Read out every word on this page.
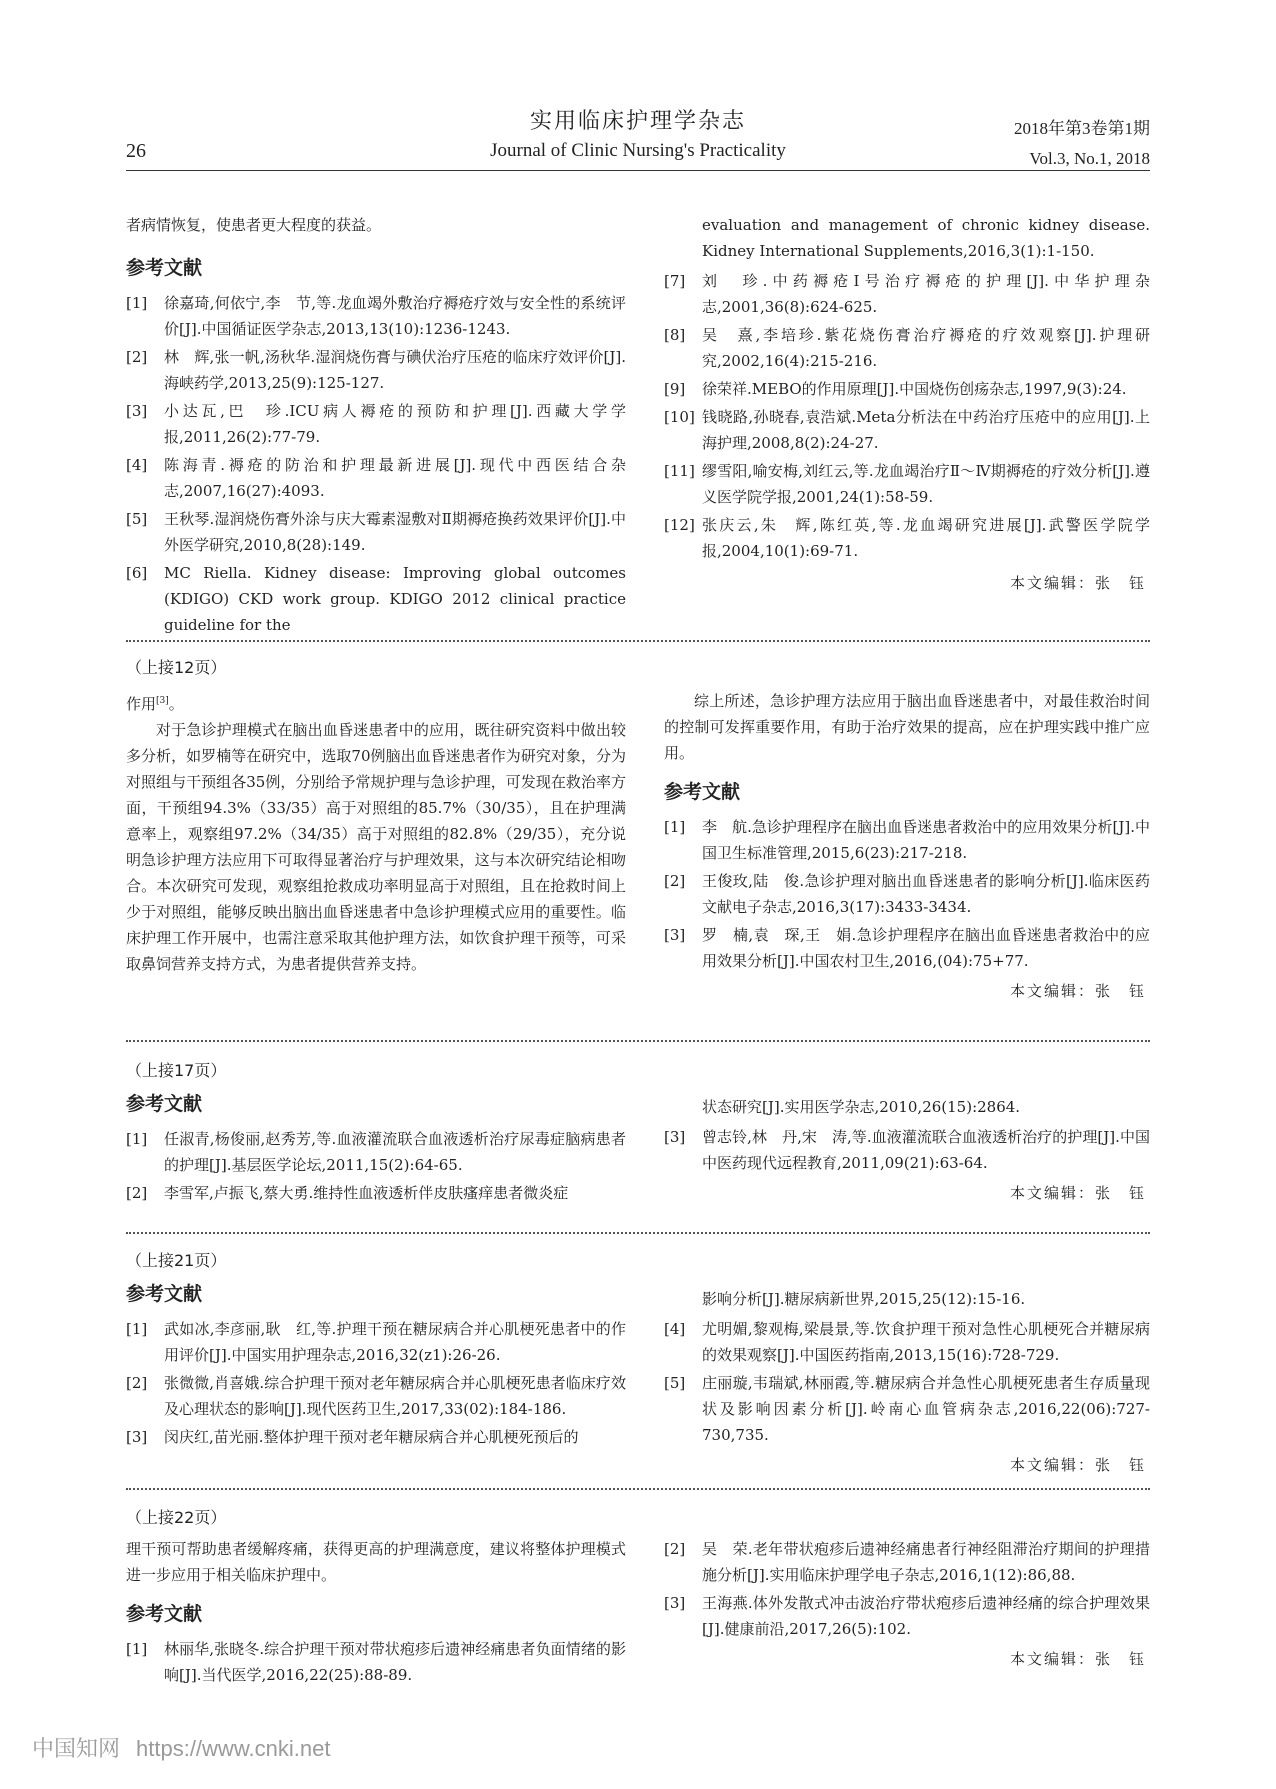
实用临床护理学杂志
Journal of Clinic Nursing's Practicality
26
2018年第3卷第1期
Vol.3, No.1, 2018

者病情恢复，使患者更大程度的获益。

参考文献
[1]	徐嘉琦,何依宁,李　节,等.龙血竭外敷治疗褥疮疗效与安全性的系统评价[J].中国循证医学杂志,2013,13(10):1236-1243.
[2]	林　辉,张一帆,汤秋华.湿润烧伤膏与碘伏治疗压疮的临床疗效评价[J].海峡药学,2013,25(9):125-127.
[3]	小达瓦,巴　珍.ICU病人褥疮的预防和护理[J].西藏大学学报,2011,26(2):77-79.
[4]	陈海青.褥疮的防治和护理最新进展[J].现代中西医结合杂志,2007,16(27):4093.
[5]	王秋琴.湿润烧伤膏外涂与庆大霉素湿敷对Ⅱ期褥疮换药效果评价[J].中外医学研究,2010,8(28):149.
[6]	MC Riella. Kidney disease: Improving global outcomes (KDIGO) CKD work group. KDIGO 2012 clinical practice guideline for the

evaluation and management of chronic kidney disease. Kidney International Supplements,2016,3(1):1-150.

[7]	刘　珍.中药褥疮Ⅰ号治疗褥疮的护理[J].中华护理杂志,2001,36(8):624-625.
[8]	吴　熹,李培珍.紫花烧伤膏治疗褥疮的疗效观察[J].护理研究,2002,16(4):215-216.
[9]	徐荣祥.MEBO的作用原理[J].中国烧伤创疡杂志,1997,9(3):24.
[10] 钱晓路,孙晓春,袁浩斌.Meta分析法在中药治疗压疮中的应用[J].上海护理,2008,8(2):24-27.
[11] 缪雪阳,喻安梅,刘红云,等.龙血竭治疗Ⅱ～Ⅳ期褥疮的疗效分析[J].遵义医学院学报,2001,24(1):58-59.
[12] 张庆云,朱　辉,陈红英,等.龙血竭研究进展[J].武警医学院学报,2004,10(1):69-71.
本文编辑：张　钰
（上接12页）

作用[3]。

对于急诊护理模式在脑出血昏迷患者中的应用，既往研究资料中做出较多分析，如罗楠等在研究中，选取70例脑出血昏迷患者作为研究对象，分为对照组与干预组各35例，分别给予常规护理与急诊护理，可发现在救治率方面，干预组94.3%（33/35）高于对照组的85.7%（30/35），且在护理满意率上，观察组97.2%（34/35）高于对照组的82.8%（29/35），充分说明急诊护理方法应用下可取得显著治疗与护理效果，这与本次研究结论相吻合。本次研究可发现，观察组抢救成功率明显高于对照组，且在抢救时间上少于对照组，能够反映出脑出血昏迷患者中急诊护理模式应用的重要性。临床护理工作开展中，也需注意采取其他护理方法，如饮食护理干预等，可采取鼻饲营养支持方式，为患者提供营养支持。

综上所述，急诊护理方法应用于脑出血昏迷患者中，对最佳救治时间的控制可发挥重要作用，有助于治疗效果的提高，应在护理实践中推广应用。

参考文献
[1]	李　航.急诊护理程序在脑出血昏迷患者救治中的应用效果分析[J].中国卫生标准管理,2015,6(23):217-218.
[2]	王俊玫,陆　俊.急诊护理对脑出血昏迷患者的影响分析[J].临床医药文献电子杂志,2016,3(17):3433-3434.
[3]	罗　楠,袁　琛,王　娟.急诊护理程序在脑出血昏迷患者救治中的应用效果分析[J].中国农村卫生,2016,(04):75+77.
本文编辑：张　钰
（上接17页）
参考文献
[1]	任淑青,杨俊丽,赵秀芳,等.血液灌流联合血液透析治疗尿毒症脑病患者的护理[J].基层医学论坛,2011,15(2):64-65.
[2]	李雪军,卢振飞,蔡大勇.维持性血液透析伴皮肤瘙痒患者微炎症

状态研究[J].实用医学杂志,2010,26(15):2864.

[3]	曾志铃,林　丹,宋　涛,等.血液灌流联合血液透析治疗的护理[J].中国中医药现代远程教育,2011,09(21):63-64.
本文编辑：张　钰
（上接21页）
参考文献
[1]	武如冰,李彦丽,耿　红,等.护理干预在糖尿病合并心肌梗死患者中的作用评价[J].中国实用护理杂志,2016,32(z1):26-26.
[2]	张微微,肖喜娥.综合护理干预对老年糖尿病合并心肌梗死患者临床疗效及心理状态的影响[J].现代医药卫生,2017,33(02):184-186.
[3]	闵庆红,苗光丽.整体护理干预对老年糖尿病合并心肌梗死预后的

影响分析[J].糖尿病新世界,2015,25(12):15-16.

[4]	尤明媚,黎观梅,梁晨景,等.饮食护理干预对急性心肌梗死合并糖尿病的效果观察[J].中国医药指南,2013,15(16):728-729.
[5]	庄丽璇,韦瑞斌,林丽霞,等.糖尿病合并急性心肌梗死患者生存质量现状及影响因素分析[J].岭南心血管病杂志,2016,22(06):727-730,735.
本文编辑：张　钰
（上接22页）

理干预可帮助患者缓解疼痛，获得更高的护理满意度，建议将整体护理模式进一步应用于相关临床护理中。

参考文献
[1]	林丽华,张晓冬.综合护理干预对带状疱疹后遗神经痛患者负面情绪的影响[J].当代医学,2016,22(25):88-89.
[2]	吴　荣.老年带状疱疹后遗神经痛患者行神经阻滞治疗期间的护理措施分析[J].实用临床护理学电子杂志,2016,1(12):86,88.
[3]	王海燕.体外发散式冲击波治疗带状疱疹后遗神经痛的综合护理效果[J].健康前沿,2017,26(5):102.
本文编辑：张　钰
中国知网 https://www.cnki.net
